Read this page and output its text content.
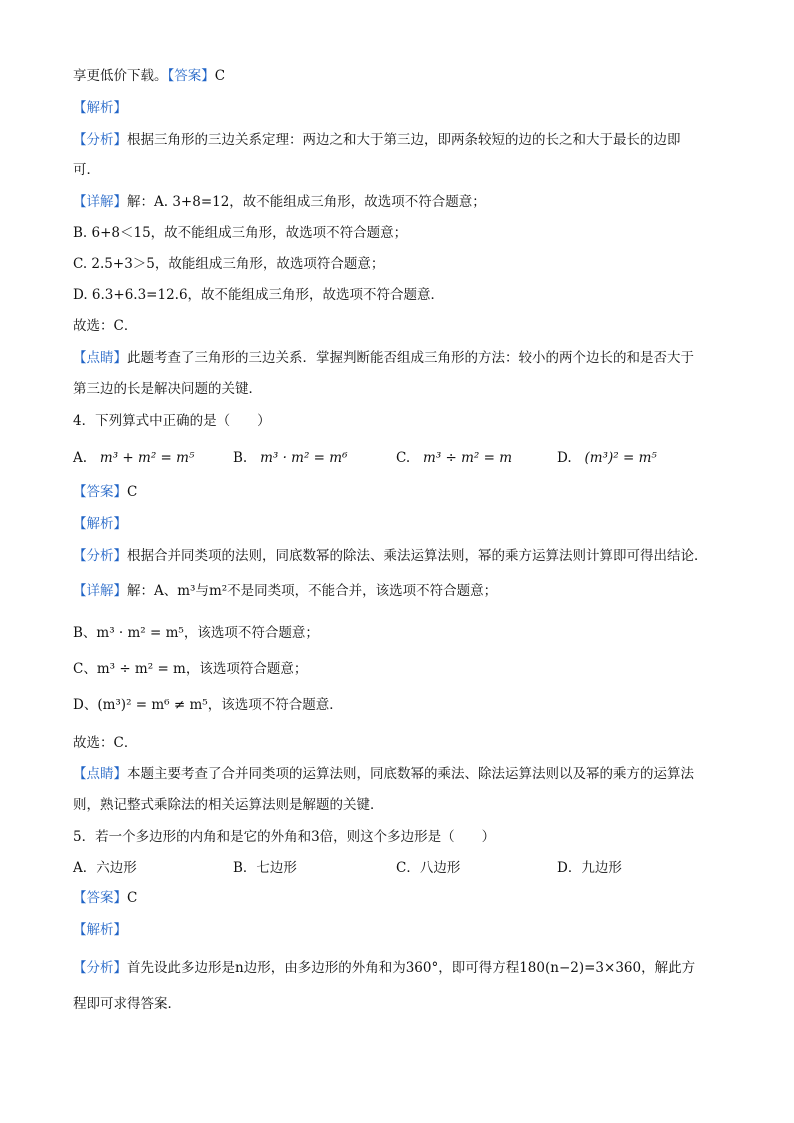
享更低价下载。【答案】C
【解析】
【分析】根据三角形的三边关系定理：两边之和大于第三边，即两条较短的边的长之和大于最长的边即
可．
【详解】解：A. 3+8=12，故不能组成三角形，故选项不符合题意；
B. 6+8＜15，故不能组成三角形，故选项不符合题意；
C. 2.5+3＞5，故能组成三角形，故选项符合题意；
D. 6.3+6.3=12.6，故不能组成三角形，故选项不符合题意．
故选：C．
【点睛】此题考查了三角形的三边关系．掌握判断能否组成三角形的方法：较小的两个边长的和是否大于
第三边的长是解决问题的关键．
4．下列算式中正确的是（　　）
A. m³ + m² = m⁵	B. m³ · m² = m⁶	C. m³ ÷ m² = m	D. (m³)² = m⁵
【答案】C
【解析】
【分析】根据合并同类项的法则，同底数幂的除法、乘法运算法则，幂的乘方运算法则计算即可得出结论．
【详解】解：A、m³与m²不是同类项，不能合并，该选项不符合题意；
B、m³ · m² = m⁵，该选项不符合题意；
C、m³ ÷ m² = m，该选项符合题意；
D、(m³)² = m⁶ ≠ m⁵，该选项不符合题意．
故选：C．
【点睛】本题主要考查了合并同类项的运算法则，同底数幂的乘法、除法运算法则以及幂的乘方的运算法
则，熟记整式乘除法的相关运算法则是解题的关键．
5．若一个多边形的内角和是它的外角和3倍，则这个多边形是（　　）
A．六边形	B．七边形	C．八边形	D．九边形
【答案】C
【解析】
【分析】首先设此多边形是n边形，由多边形的外角和为360°，即可得方程180(n−2)=3×360，解此方
程即可求得答案．
